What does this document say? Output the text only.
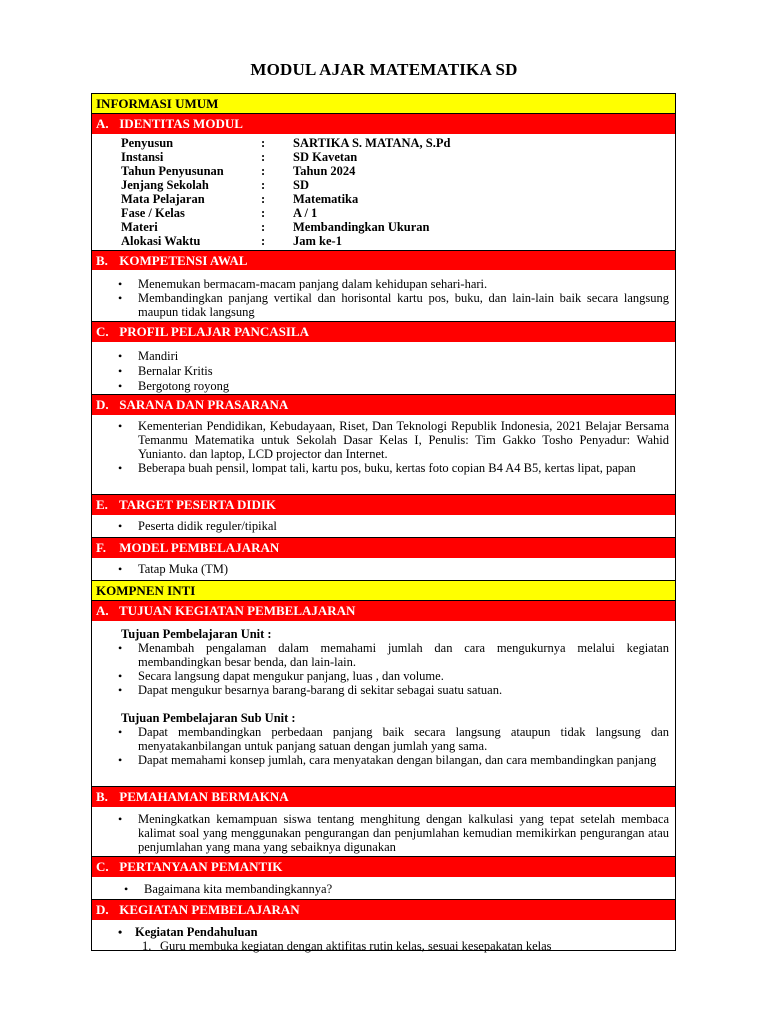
MODUL AJAR MATEMATIKA SD
INFORMASI UMUM
A. IDENTITAS MODUL
Penyusun	:	SARTIKA S. MATANA, S.Pd
Instansi	:	SD Kavetan
Tahun Penyusunan	:	Tahun 2024
Jenjang Sekolah	:	SD
Mata Pelajaran	:	Matematika
Fase / Kelas	:	A / 1
Materi	:	Membandingkan Ukuran
Alokasi Waktu	:	Jam ke-1
B. KOMPETENSI AWAL
• Menemukan bermacam-macam panjang dalam kehidupan sehari-hari.
• Membandingkan panjang vertikal dan horisontal kartu pos, buku, dan lain-lain baik secara langsung maupun tidak langsung
C. PROFIL PELAJAR PANCASILA
• Mandiri
• Bernalar Kritis
• Bergotong royong
D. SARANA DAN PRASARANA
• Kementerian Pendidikan, Kebudayaan, Riset, Dan Teknologi Republik Indonesia, 2021 Belajar Bersama Temanmu Matematika untuk Sekolah Dasar Kelas I, Penulis: Tim Gakko Tosho Penyadur: Wahid Yunianto. dan laptop, LCD projector dan Internet.
• Beberapa buah pensil, lompat tali, kartu pos, buku, kertas foto copian B4 A4 B5, kertas lipat, papan
E. TARGET PESERTA DIDIK
• Peserta didik reguler/tipikal
F. MODEL PEMBELAJARAN
• Tatap Muka (TM)
KOMPNEN INTI
A. TUJUAN KEGIATAN PEMBELAJARAN
Tujuan Pembelajaran Unit :
• Menambah pengalaman dalam memahami jumlah dan cara mengukurnya melalui kegiatan membandingkan besar benda, dan lain-lain.
• Secara langsung dapat mengukur panjang, luas , dan volume.
• Dapat mengukur besarnya barang-barang di sekitar sebagai suatu satuan.
Tujuan Pembelajaran Sub Unit :
• Dapat membandingkan perbedaan panjang baik secara langsung ataupun tidak langsung dan menyatakanbilangan untuk panjang satuan dengan jumlah yang sama.
• Dapat memahami konsep jumlah, cara menyatakan dengan bilangan, dan cara membandingkan panjang
B. PEMAHAMAN BERMAKNA
• Meningkatkan kemampuan siswa tentang menghitung dengan kalkulasi yang tepat setelah membaca kalimat soal yang menggunakan pengurangan dan penjumlahan kemudian memikirkan pengurangan atau penjumlahan yang mana yang sebaiknya digunakan
C. PERTANYAAN PEMANTIK
• Bagaimana kita membandingkannya?
D. KEGIATAN PEMBELAJARAN
• Kegiatan Pendahuluan
1. Guru membuka kegiatan dengan aktifitas rutin kelas, sesuai kesepakatan kelas
